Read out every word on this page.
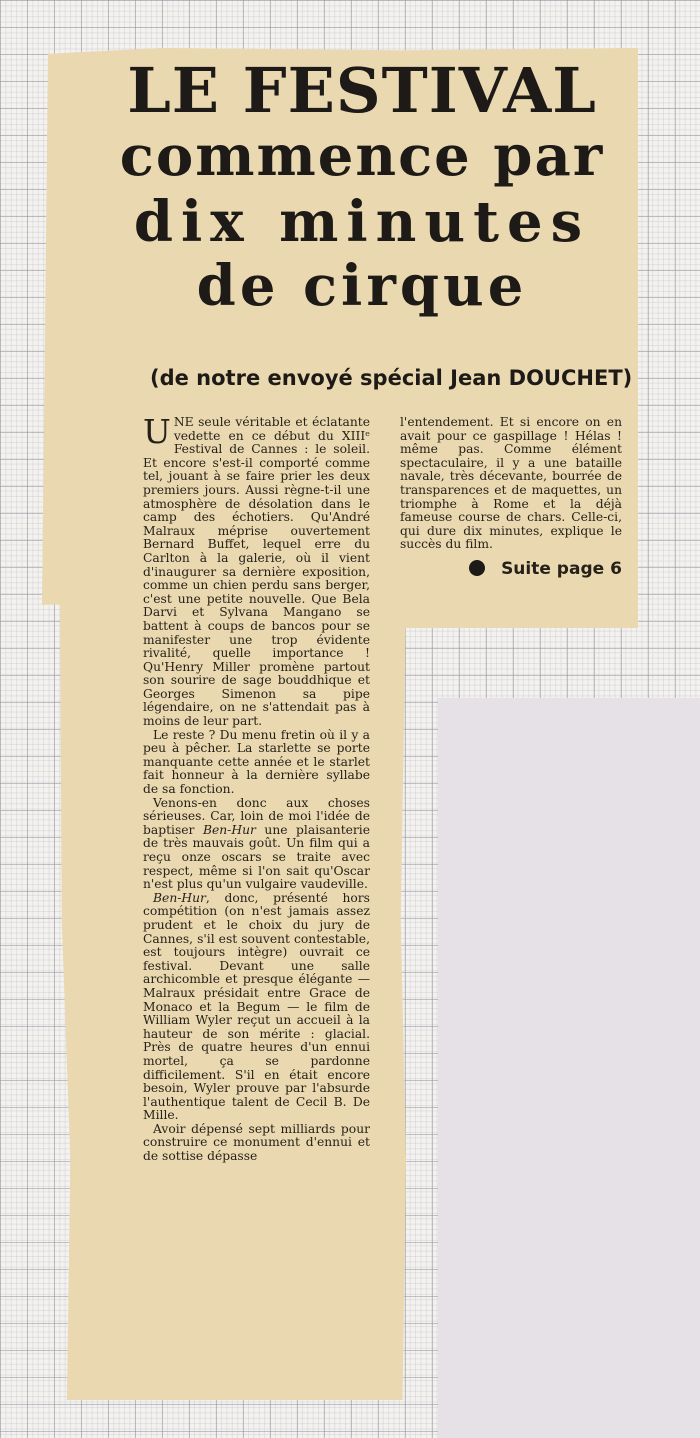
LE FESTIVAL
commence par
dix minutes
de cirque
(de notre envoyé spécial Jean DOUCHET)

UNE seule véritable et éclatante vedette en ce début du XIIIᵉ Festival de Cannes : le soleil. Et encore s'est-il comporté comme tel, jouant à se faire prier les deux premiers jours. Aussi règne-t-il une atmosphère de désolation dans le camp des échotiers. Qu'André Malraux méprise ouvertement Bernard Buffet, lequel erre du Carlton à la galerie, où il vient d'inaugurer sa dernière exposition, comme un chien perdu sans berger, c'est une petite nouvelle. Que Bela Darvi et Sylvana Mangano se battent à coups de bancos pour se manifester une trop évidente rivalité, quelle importance ! Qu'Henry Miller promène partout son sourire de sage bouddhique et Georges Simenon sa pipe légendaire, on ne s'attendait pas à moins de leur part.

Le reste ? Du menu fretin où il y a peu à pêcher. La starlette se porte manquante cette année et le starlet fait honneur à la dernière syllabe de sa fonction.

Venons-en donc aux choses sérieuses. Car, loin de moi l'idée de baptiser Ben-Hur une plaisanterie de très mauvais goût. Un film qui a reçu onze oscars se traite avec respect, même si l'on sait qu'Oscar n'est plus qu'un vulgaire vaudeville.

Ben-Hur, donc, présenté hors compétition (on n'est jamais assez prudent et le choix du jury de Cannes, s'il est souvent contestable, est toujours intègre) ouvrait ce festival. Devant une salle archicomble et presque élégante — Malraux présidait entre Grace de Monaco et la Begum — le film de William Wyler reçut un accueil à la hauteur de son mérite : glacial. Près de quatre heures d'un ennui mortel, ça se pardonne difficilement. S'il en était encore besoin, Wyler prouve par l'absurde l'authentique talent de Cecil B. De Mille.

Avoir dépensé sept milliards pour construire ce monument d'ennui et de sottise dépasse

l'entendement. Et si encore on en avait pour ce gaspillage ! Hélas ! même pas. Comme élément spectaculaire, il y a une bataille navale, très décevante, bourrée de transparences et de maquettes, un triomphe à Rome et la déjà fameuse course de chars. Celle-ci, qui dure dix minutes, explique le succès du film.

Suite page 6
